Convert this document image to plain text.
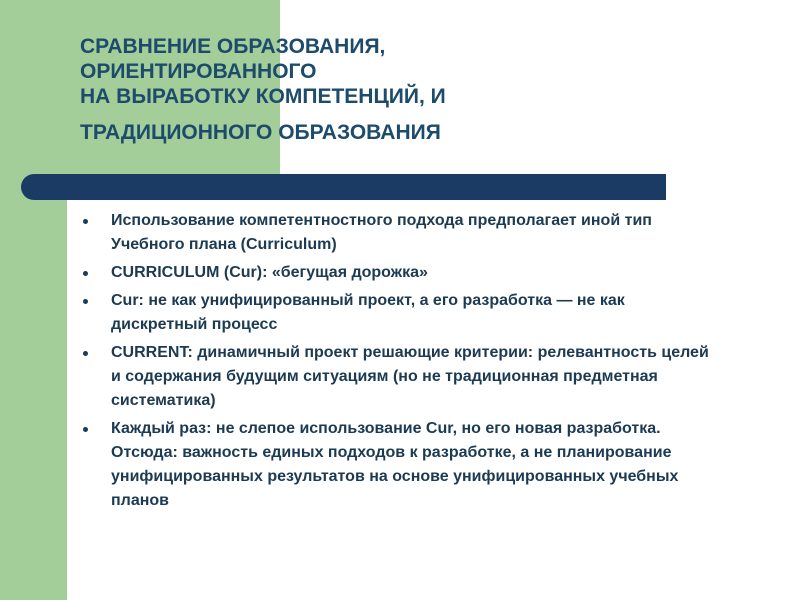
СРАВНЕНИЕ ОБРАЗОВАНИЯ,
ОРИЕНТИРОВАННОГО
НА ВЫРАБОТКУ КОМПЕТЕНЦИЙ, И
ТРАДИЦИОННОГО ОБРАЗОВАНИЯ
Использование компетентностного подхода предполагает иной тип Учебного плана (Curriculum)
CURRICULUM (Cur): «бегущая дорожка»
Cur: не как унифицированный проект, а его разработка — не как дискретный процесс
CURRENT: динамичный проект решающие критерии: релевантность целей и содержания будущим ситуациям (но не традиционная предметная систематика)
Каждый раз: не слепое использование Cur, но его новая разработка. Отсюда: важность единых подходов к разработке, а не планирование унифицированных результатов на основе унифицированных учебных планов
